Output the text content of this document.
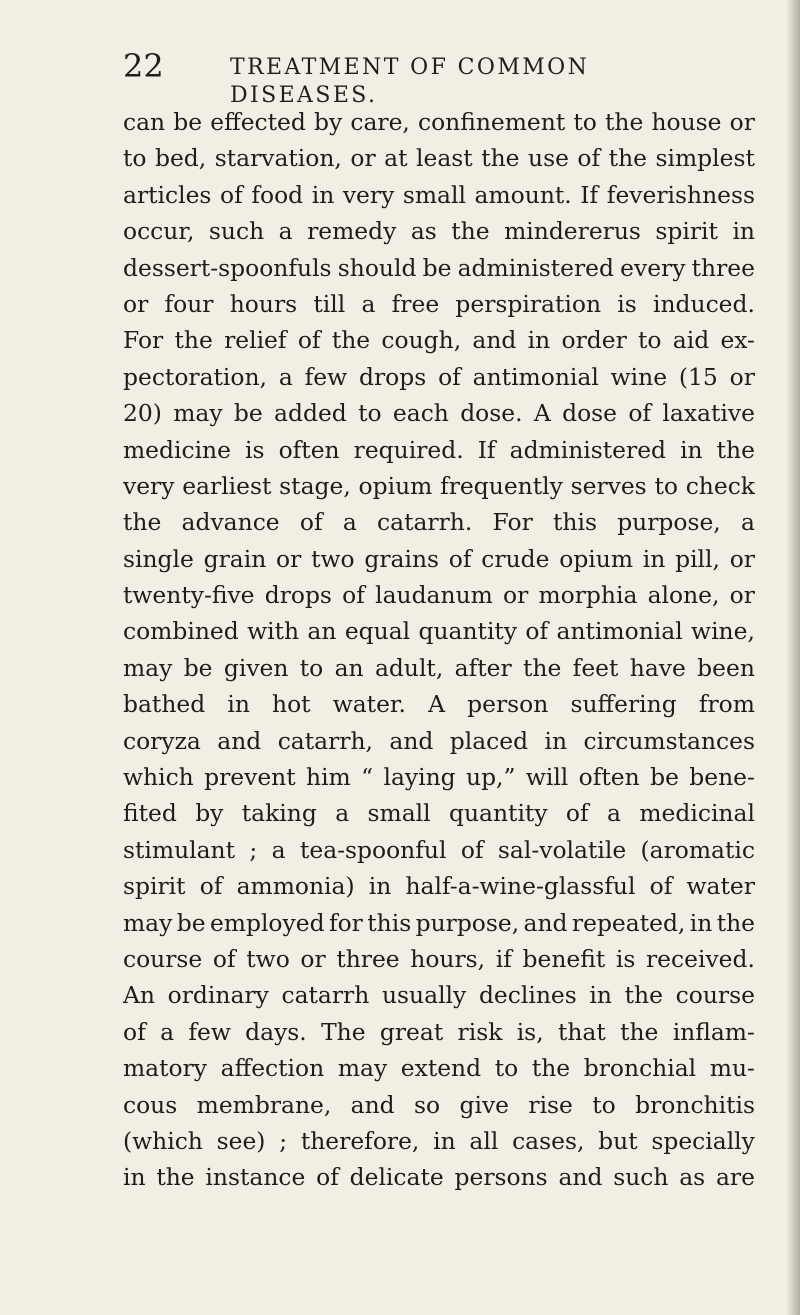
22	TREATMENT OF COMMON DISEASES.
can be effected by care, confinement to the house or
to bed, starvation, or at least the use of the simplest
articles of food in very small amount. If feverishness
occur, such a remedy as the mindererus spirit in
dessert-spoonfuls should be administered every three
or four hours till a free perspiration is induced.
For the relief of the cough, and in order to aid ex-
pectoration, a few drops of antimonial wine (15 or
20) may be added to each dose. A dose of laxative
medicine is often required. If administered in the
very earliest stage, opium frequently serves to check
the advance of a catarrh. For this purpose, a
single grain or two grains of crude opium in pill, or
twenty-five drops of laudanum or morphia alone, or
combined with an equal quantity of antimonial wine,
may be given to an adult, after the feet have been
bathed in hot water. A person suffering from
coryza and catarrh, and placed in circumstances
which prevent him “ laying up,” will often be bene-
fited by taking a small quantity of a medicinal
stimulant ; a tea-spoonful of sal-volatile (aromatic
spirit of ammonia) in half-a-wine-glassful of water
may be employed for this purpose, and repeated, in the
course of two or three hours, if benefit is received.
An ordinary catarrh usually declines in the course
of a few days. The great risk is, that the inflam-
matory affection may extend to the bronchial mu-
cous membrane, and so give rise to bronchitis
(which see) ; therefore, in all cases, but specially
in the instance of delicate persons and such as are
